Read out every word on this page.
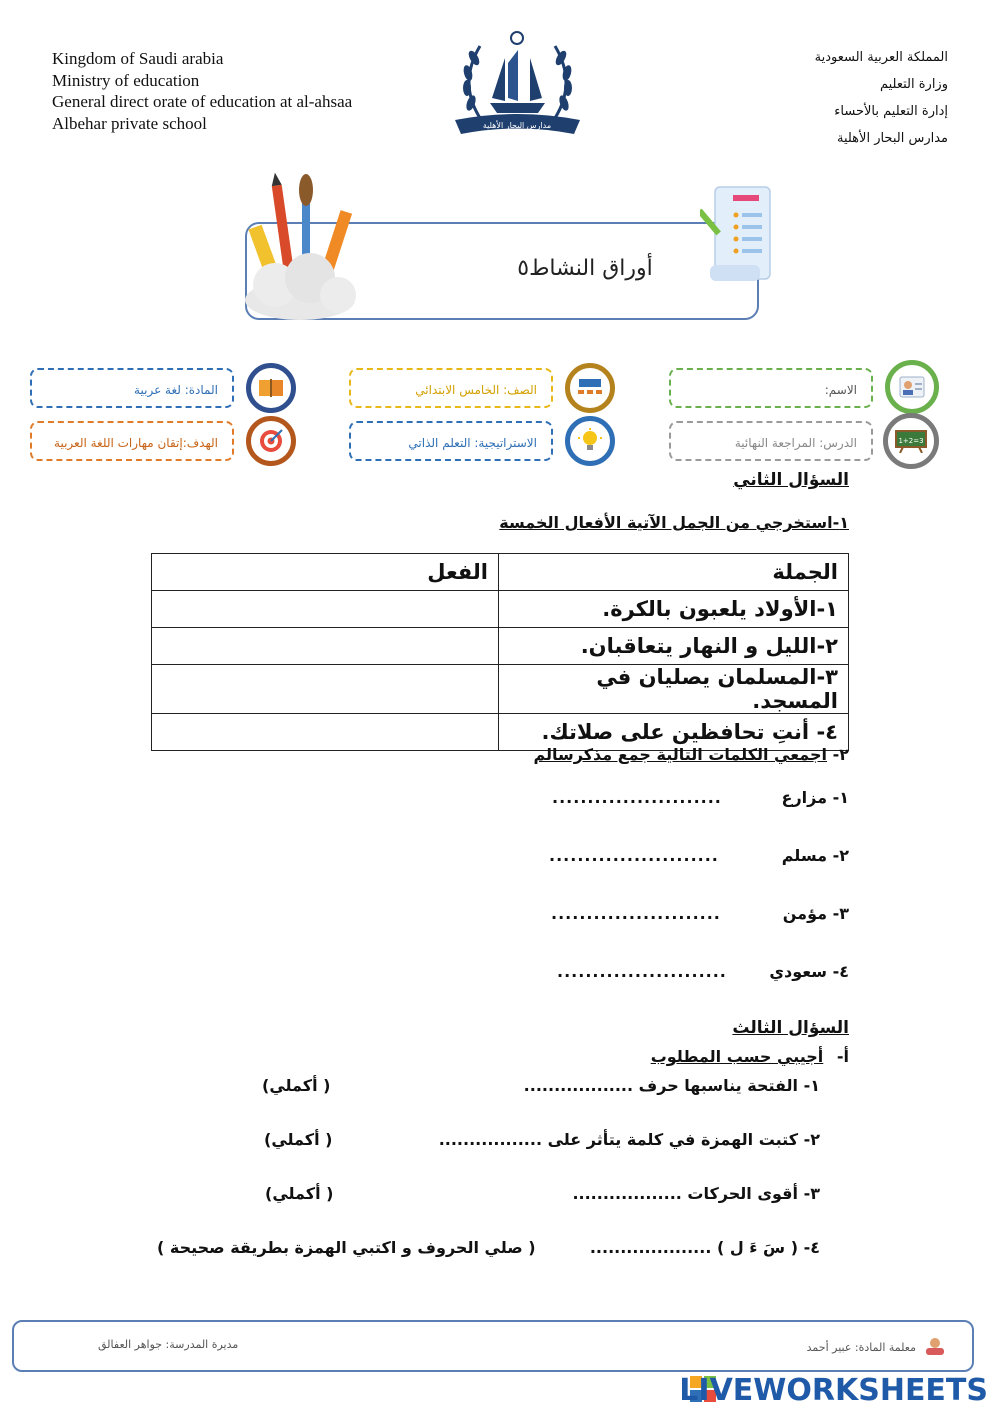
Kingdom of Saudi arabia
Ministry of education
General direct orate of education at al-ahsaa
Albehar private school
المملكة العربية السعودية
وزارة التعليم
إدارة التعليم بالأحساء
مدارس البحار الأهلية
مدارس البحار الأهلية
أوراق النشاط٥
المادة: لغة عربية	الصف: الخامس الابتدائي	الاسم:
الهدف:إتقان مهارات اللغة العربية	الاستراتيجية: التعلم الذاتي	الدرس: المراجعة النهائية	1+2=3
السؤال الثاني
١-استخرجي من الجمل الآتية الأفعال الخمسة
الجملة	الفعل
١-الأولاد يلعبون بالكرة.	
٢-الليل و النهار يتعاقبان.	
٣-المسلمان يصليان في المسجد.	
٤- أنتِ تحافظين على صلاتك.	
٢- اجمعي الكلمات التالية جمع مذكرسالم
١- مزارع
........................
٢- مسلم
........................
٣- مؤمن
........................
٤- سعودي
........................
السؤال الثالث
أ- أجيبي حسب المطلوب
١- الفتحة يناسبها حرف ..................
( أكملي)
٢- كتبت الهمزة في كلمة يتأثر على .................
( أكملي)
٣- أقوى الحركات ..................
( أكملي)
٤- ( سَ ءَ ل ) ....................
( صلي الحروف و اكتبي الهمزة بطريقة صحيحة )
معلمة المادة: عبير أحمد
مديرة المدرسة: جواهر العفالق
LIVEWORKSHEETS
